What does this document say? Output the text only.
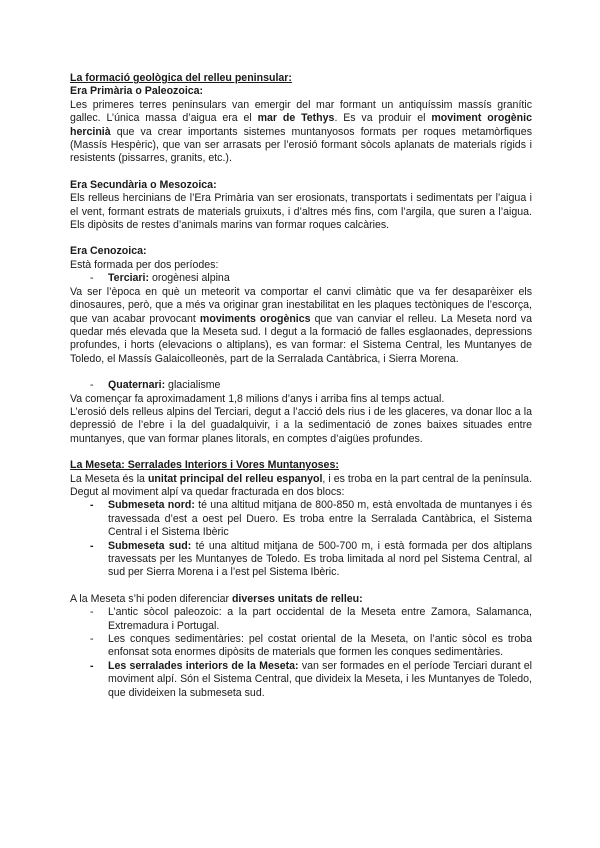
La formació geològica del relleu peninsular:

Era Primària o Paleozoica:

Les primeres terres peninsulars van emergir del mar formant un antiquíssim massís granític gallec. L’única massa d’aigua era el mar de Tethys. Es va produir el moviment orogènic hercinià que va crear importants sistemes muntanyosos formats per roques metamòrfiques (Massís Hespèric), que van ser arrasats per l’erosió formant sòcols aplanats de materials rígids i resistents (pissarres, granits, etc.).

Era Secundària o Mesozoica:

Els relleus hercinians de l’Era Primària van ser erosionats, transportats i sedimentats per l’aigua i el vent, formant estrats de materials gruixuts, i d’altres més fins, com l’argila, que suren a l’aigua. Els dipòsits de restes d’animals marins van formar roques calcàries.

Era Cenozoica:

Està formada per dos períodes:

- Terciari: orogènesi alpina

Va ser l’època en què un meteorit va comportar el canvi climàtic que va fer desaparèixer els dinosaures, però, que a més va originar gran inestabilitat en les plaques tectòniques de l’escorça, que van acabar provocant moviments orogènics que van canviar el relleu. La Meseta nord va quedar més elevada que la Meseta sud. I degut a la formació de falles esglaonades, depressions profundes, i horts (elevacions o altiplans), es van formar: el Sistema Central, les Muntanyes de Toledo, el Massís Galaicolleonès, part de la Serralada Cantàbrica, i Sierra Morena.

- Quaternari: glacialisme

Va començar fa aproximadament 1,8 milions d’anys i arriba fins al temps actual.

L’erosió dels relleus alpins del Terciari, degut a l’acció dels rius i de les glaceres, va donar lloc a la depressió de l’ebre i la del guadalquivir, i a la sedimentació de zones baixes situades entre muntanyes, que van formar planes litorals, en comptes d’aigües profundes.

La Meseta: Serralades Interiors i Vores Muntanyoses:

La Meseta és la unitat principal del relleu espanyol, i es troba en la part central de la península. Degut al moviment alpí va quedar fracturada en dos blocs:

- Submeseta nord: té una altitud mitjana de 800-850 m, està envoltada de muntanyes i és travessada d’est a oest pel Duero. Es troba entre la Serralada Cantàbrica, el Sistema Central i el Sistema Ibèric
- Submeseta sud: té una altitud mitjana de 500-700 m, i està formada per dos altiplans travessats per les Muntanyes de Toledo. Es troba limitada al nord pel Sistema Central, al sud per Sierra Morena i a l’est pel Sistema Ibèric.

A la Meseta s’hi poden diferenciar diverses unitats de relleu:

- L’antic sòcol paleozoic: a la part occidental de la Meseta entre Zamora, Salamanca, Extremadura i Portugal.
- Les conques sedimentàries: pel costat oriental de la Meseta, on l’antic sòcol es troba enfonsat sota enormes dipòsits de materials que formen les conques sedimentàries.
- Les serralades interiors de la Meseta: van ser formades en el període Terciari durant el moviment alpí. Són el Sistema Central, que divideix la Meseta, i les Muntanyes de Toledo, que divideixen la submeseta sud.
